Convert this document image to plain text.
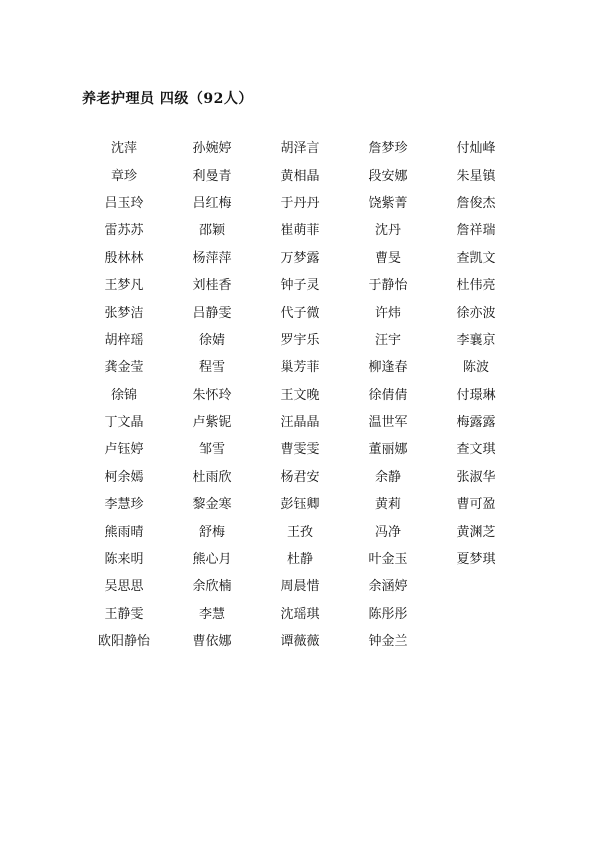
养老护理员 四级（92人）
沈萍	孙婉婷	胡泽言	詹梦珍	付灿峰
章珍	利曼青	黄相晶	段安娜	朱星镇
吕玉玲	吕红梅	于丹丹	饶紫菁	詹俊杰
雷苏苏	邵颖	崔萌菲	沈丹	詹祥瑞
殷林林	杨萍萍	万梦露	曹旻	查凯文
王梦凡	刘桂香	钟子灵	于静怡	杜伟亮
张梦洁	吕静雯	代子微	许炜	徐亦波
胡梓瑶	徐婧	罗宇乐	汪宇	李襄京
龚金莹	程雪	巢芳菲	柳逢春	陈波
徐锦	朱怀玲	王文晚	徐倩倩	付璟琳
丁文晶	卢紫铌	汪晶晶	温世军	梅露露
卢钰婷	邹雪	曹雯雯	董丽娜	查文琪
柯余嫣	杜雨欣	杨君安	余静	张淑华
李慧珍	黎金寒	彭钰卿	黄莉	曹可盈
熊雨晴	舒梅	王孜	冯净	黄渊芝
陈来明	熊心月	杜静	叶金玉	夏梦琪
吴思思	余欣楠	周晨惜	余涵婷
王静雯	李慧	沈瑶琪	陈彤彤
欧阳静怡	曹依娜	谭薇薇	钟金兰
